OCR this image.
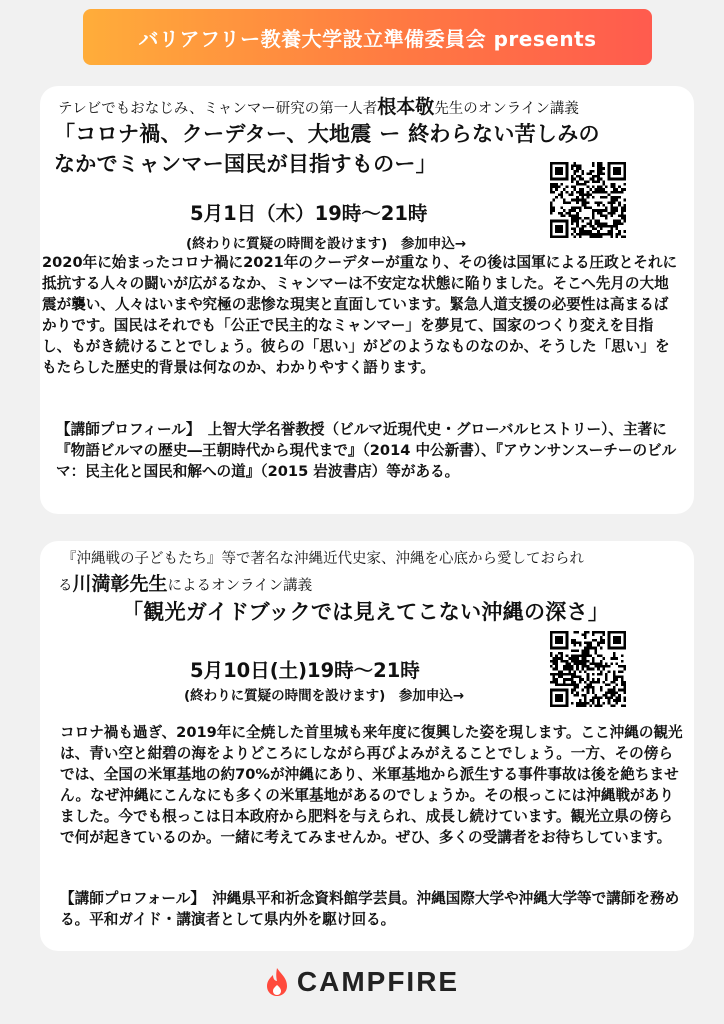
バリアフリー教養大学設立準備委員会 presents
テレビでもおなじみ、ミャンマー研究の第一人者根本敬先生のオンライン講義
「コロナ禍、クーデター、大地震 ー 終わらない苦しみの
なかでミャンマー国民が目指すものー」
5月1日（木）19時〜21時
(終わりに質疑の時間を設けます)　参加申込→
2020年に始まったコロナ禍に2021年のクーデターが重なり、その後は国軍による圧政とそれに抵抗する人々の闘いが広がるなか、ミャンマーは不安定な状態に陥りました。そこへ先月の大地震が襲い、人々はいまや究極の悲惨な現実と直面しています。緊急人道支援の必要性は高まるばかりです。国民はそれでも「公正で民主的なミャンマー」を夢見て、国家のつくり変えを目指し、もがき続けることでしょう。彼らの「思い」がどのようなものなのか、そうした「思い」をもたらした歴史的背景は何なのか、わかりやすく語ります。
【講師プロフィール】　上智大学名誉教授（ビルマ近現代史・グローバルヒストリー）、主著に『物語ビルマの歴史―王朝時代から現代まで』（2014 中公新書）、『アウンサンスーチーのビルマ：民主化と国民和解への道』（2015 岩波書店）等がある。
『沖縄戦の子どもたち』等で著名な沖縄近代史家、沖縄を心底から愛しておられ
る川満彰先生によるオンライン講義
「観光ガイドブックでは見えてこない沖縄の深さ」
5月10日(土)19時〜21時
(終わりに質疑の時間を設けます)　参加申込→
コロナ禍も過ぎ、2019年に全焼した首里城も来年度に復興した姿を現します。ここ沖縄の観光は、青い空と紺碧の海をよりどころにしながら再びよみがえることでしょう。一方、その傍らでは、全国の米軍基地の約70%が沖縄にあり、米軍基地から派生する事件事故は後を絶ちません。なぜ沖縄にこんなにも多くの米軍基地があるのでしょうか。その根っこには沖縄戦がありました。今でも根っこは日本政府から肥料を与えられ、成長し続けています。観光立県の傍らで何が起きているのか。一緒に考えてみませんか。ぜひ、多くの受講者をお待ちしています。
【講師プロフォール】　沖縄県平和祈念資料館学芸員。沖縄国際大学や沖縄大学等で講師を務める。平和ガイド・講演者として県内外を駆け回る。
CAMPFIRE
